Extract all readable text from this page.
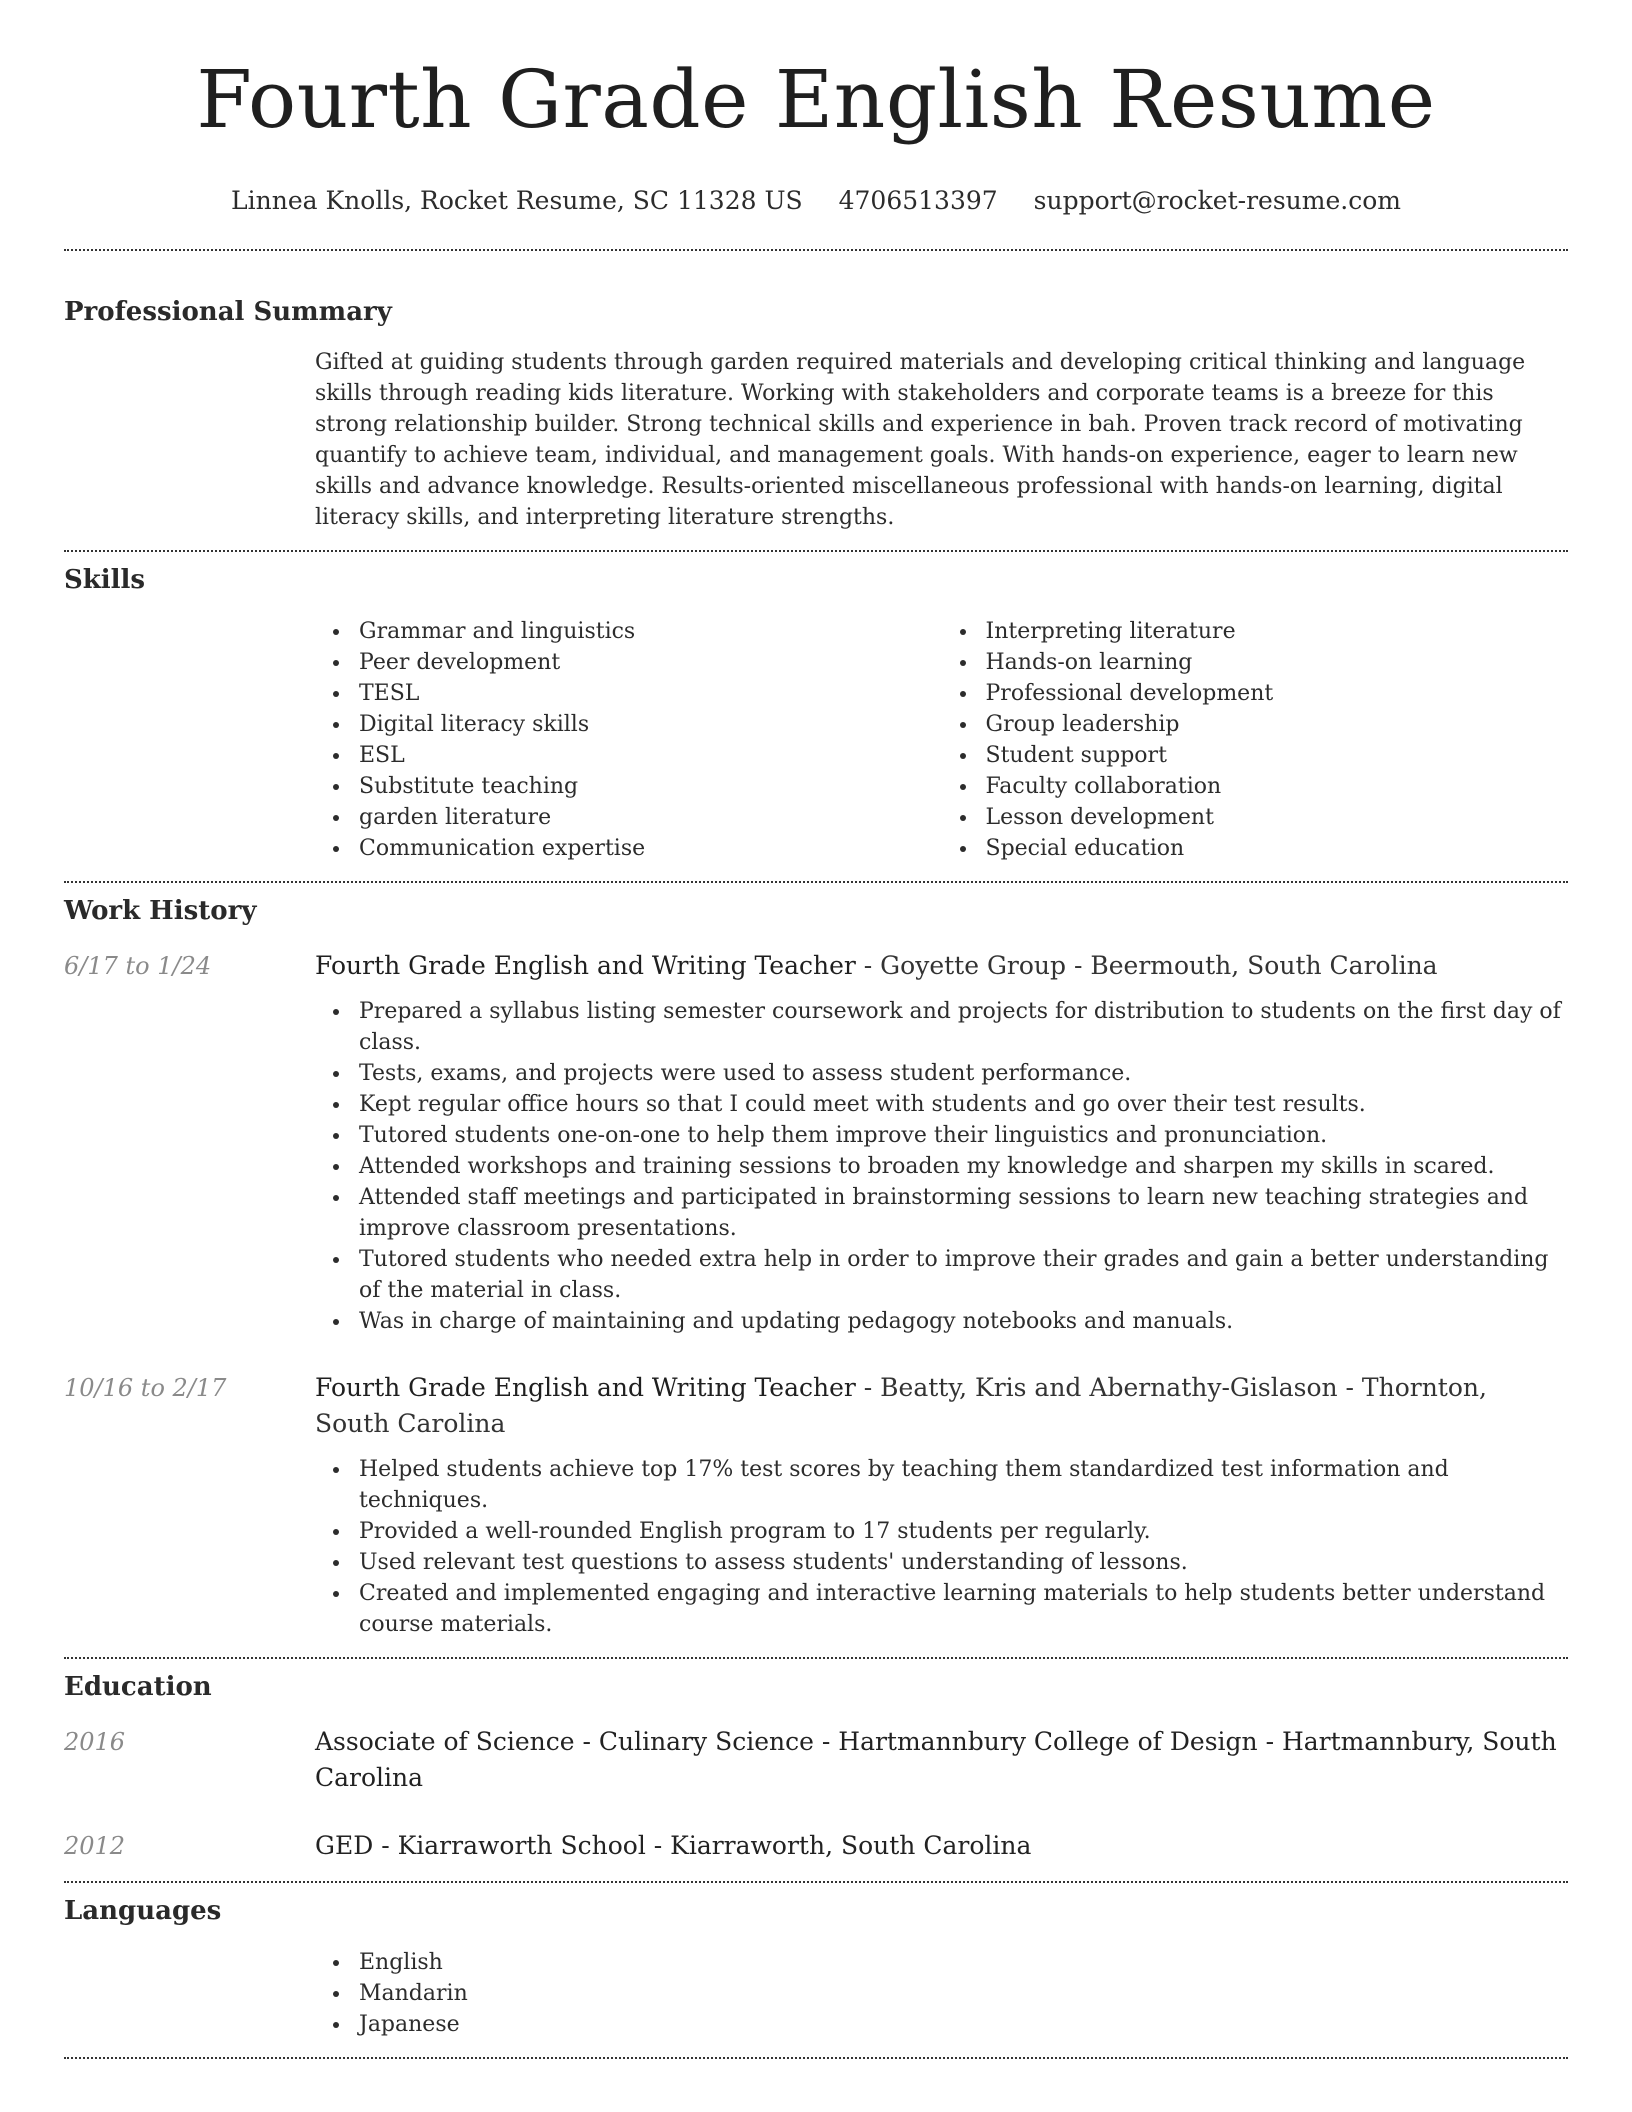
Fourth Grade English Resume
Linnea Knolls, Rocket Resume, SC 11328 US 4706513397 support@rocket-resume.com
Professional Summary

Gifted at guiding students through garden required materials and developing critical thinking and language skills through reading kids literature. Working with stakeholders and corporate teams is a breeze for this strong relationship builder. Strong technical skills and experience in bah. Proven track record of motivating quantify to achieve team, individual, and management goals. With hands-on experience, eager to learn new skills and advance knowledge. Results-oriented miscellaneous professional with hands-on learning, digital literacy skills, and interpreting literature strengths.

Skills
Grammar and linguistics
Peer development
TESL
Digital literacy skills
ESL
Substitute teaching
garden literature
Communication expertise
Interpreting literature
Hands-on learning
Professional development
Group leadership
Student support
Faculty collaboration
Lesson development
Special education
Work History
6/17 to 1/24	Fourth Grade English and Writing Teacher - Goyette Group - Beermouth, South Carolina
Prepared a syllabus listing semester coursework and projects for distribution to students on the first day of class.
Tests, exams, and projects were used to assess student performance.
Kept regular office hours so that I could meet with students and go over their test results.
Tutored students one-on-one to help them improve their linguistics and pronunciation.
Attended workshops and training sessions to broaden my knowledge and sharpen my skills in scared.
Attended staff meetings and participated in brainstorming sessions to learn new teaching strategies and improve classroom presentations.
Tutored students who needed extra help in order to improve their grades and gain a better understanding of the material in class.
Was in charge of maintaining and updating pedagogy notebooks and manuals.
10/16 to 2/17	Fourth Grade English and Writing Teacher - Beatty, Kris and Abernathy-Gislason - Thornton, South Carolina
Helped students achieve top 17% test scores by teaching them standardized test information and techniques.
Provided a well-rounded English program to 17 students per regularly.
Used relevant test questions to assess students' understanding of lessons.
Created and implemented engaging and interactive learning materials to help students better understand course materials.
Education
2016	Associate of Science - Culinary Science - Hartmannbury College of Design - Hartmannbury, South Carolina
2012	GED - Kiarraworth School - Kiarraworth, South Carolina
Languages
English
Mandarin
Japanese
